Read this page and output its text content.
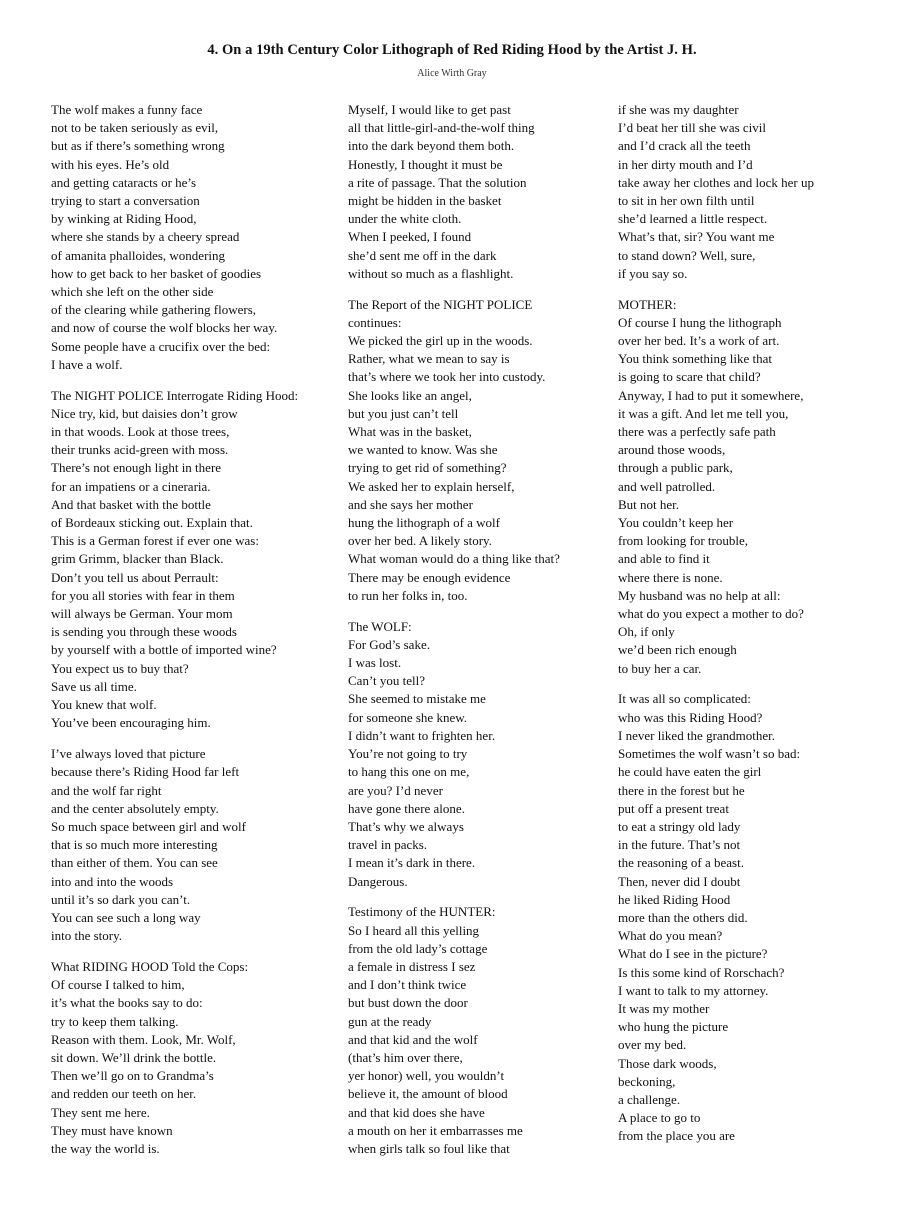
4. On a 19th Century Color Lithograph of Red Riding Hood by the Artist J. H.
Alice Wirth Gray
The wolf makes a funny face
not to be taken seriously as evil,
but as if there’s something wrong
with his eyes. He’s old
and getting cataracts or he’s
trying to start a conversation
by winking at Riding Hood,
where she stands by a cheery spread
of amanita phalloides, wondering
how to get back to her basket of goodies
which she left on the other side
of the clearing while gathering flowers,
and now of course the wolf blocks her way.
Some people have a crucifix over the bed:
I have a wolf.
The NIGHT POLICE Interrogate Riding Hood:
Nice try, kid, but daisies don’t grow
in that woods. Look at those trees,
their trunks acid-green with moss.
There’s not enough light in there
for an impatiens or a cineraria.
And that basket with the bottle
of Bordeaux sticking out. Explain that.
This is a German forest if ever one was:
grim Grimm, blacker than Black.
Don’t you tell us about Perrault:
for you all stories with fear in them
will always be German. Your mom
is sending you through these woods
by yourself with a bottle of imported wine?
You expect us to buy that?
Save us all time.
You knew that wolf.
You’ve been encouraging him.
I’ve always loved that picture
because there’s Riding Hood far left
and the wolf far right
and the center absolutely empty.
So much space between girl and wolf
that is so much more interesting
than either of them. You can see
into and into the woods
until it’s so dark you can’t.
You can see such a long way
into the story.
What RIDING HOOD Told the Cops:
Of course I talked to him,
it’s what the books say to do:
try to keep them talking.
Reason with them. Look, Mr. Wolf,
sit down. We’ll drink the bottle.
Then we’ll go on to Grandma’s
and redden our teeth on her.
They sent me here.
They must have known
the way the world is.
Myself, I would like to get past
all that little-girl-and-the-wolf thing
into the dark beyond them both.
Honestly, I thought it must be
a rite of passage. That the solution
might be hidden in the basket
under the white cloth.
When I peeked, I found
she’d sent me off in the dark
without so much as a flashlight.
The Report of the NIGHT POLICE
continues:
We picked the girl up in the woods.
Rather, what we mean to say is
that’s where we took her into custody.
She looks like an angel,
but you just can’t tell
What was in the basket,
we wanted to know. Was she
trying to get rid of something?
We asked her to explain herself,
and she says her mother
hung the lithograph of a wolf
over her bed. A likely story.
What woman would do a thing like that?
There may be enough evidence
to run her folks in, too.
The WOLF:
For God’s sake.
I was lost.
Can’t you tell?
She seemed to mistake me
for someone she knew.
I didn’t want to frighten her.
You’re not going to try
to hang this one on me,
are you? I’d never
have gone there alone.
That’s why we always
travel in packs.
I mean it’s dark in there.
Dangerous.
Testimony of the HUNTER:
So I heard all this yelling
from the old lady’s cottage
a female in distress I sez
and I don’t think twice
but bust down the door
gun at the ready
and that kid and the wolf
(that’s him over there,
yer honor) well, you wouldn’t
believe it, the amount of blood
and that kid does she have
a mouth on her it embarrasses me
when girls talk so foul like that
if she was my daughter
I’d beat her till she was civil
and I’d crack all the teeth
in her dirty mouth and I’d
take away her clothes and lock her up
to sit in her own filth until
she’d learned a little respect.
What’s that, sir? You want me
to stand down? Well, sure,
if you say so.
MOTHER:
Of course I hung the lithograph
over her bed. It’s a work of art.
You think something like that
is going to scare that child?
Anyway, I had to put it somewhere,
it was a gift. And let me tell you,
there was a perfectly safe path
around those woods,
through a public park,
and well patrolled.
But not her.
You couldn’t keep her
from looking for trouble,
and able to find it
where there is none.
My husband was no help at all:
what do you expect a mother to do?
Oh, if only
we’d been rich enough
to buy her a car.
It was all so complicated:
who was this Riding Hood?
I never liked the grandmother.
Sometimes the wolf wasn’t so bad:
he could have eaten the girl
there in the forest but he
put off a present treat
to eat a stringy old lady
in the future. That’s not
the reasoning of a beast.
Then, never did I doubt
he liked Riding Hood
more than the others did.
What do you mean?
What do I see in the picture?
Is this some kind of Rorschach?
I want to talk to my attorney.
It was my mother
who hung the picture
over my bed.
Those dark woods,
beckoning,
a challenge.
A place to go to
from the place you are
